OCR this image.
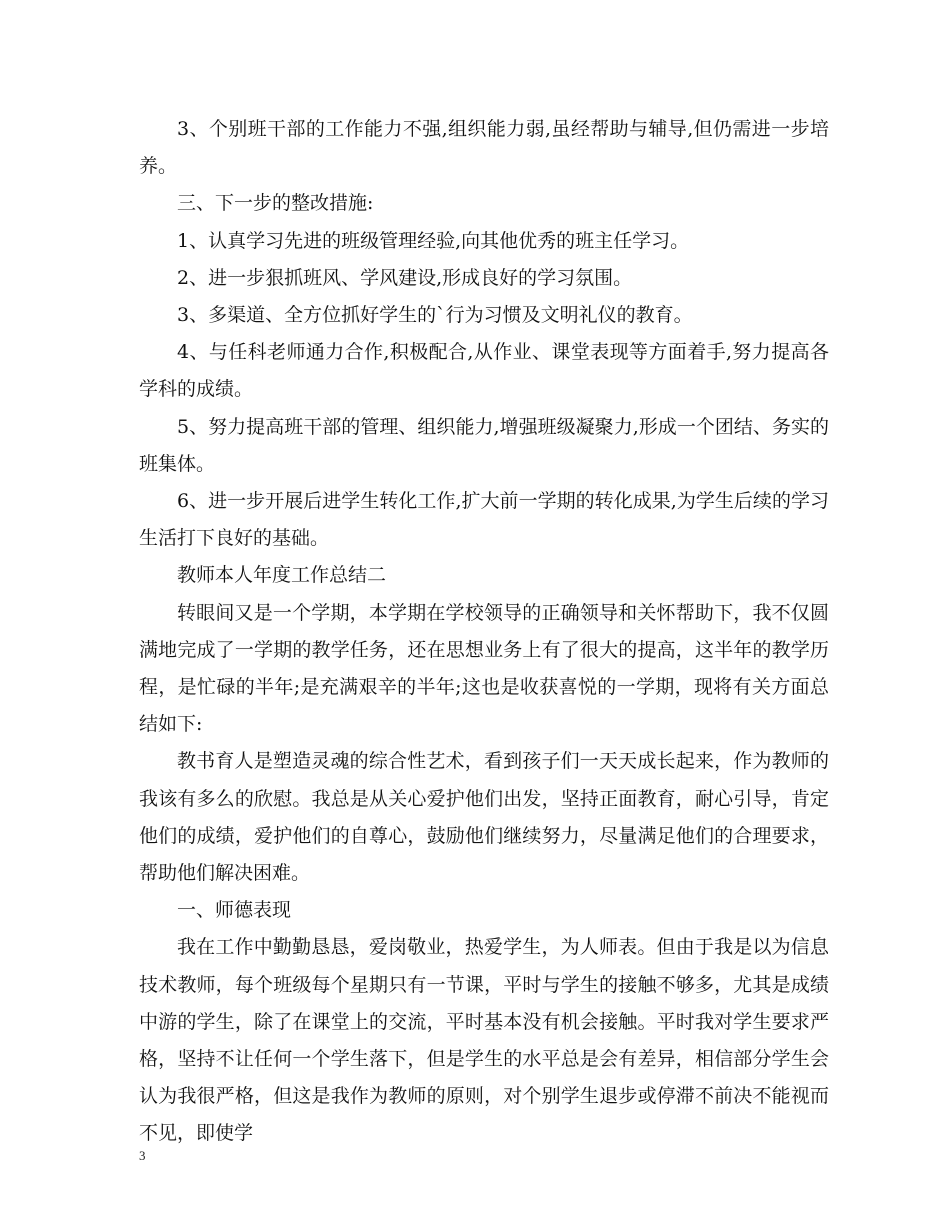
3、个别班干部的工作能力不强,组织能力弱,虽经帮助与辅导,但仍需进一步培养。

三、下一步的整改措施:

1、认真学习先进的班级管理经验,向其他优秀的班主任学习。

2、进一步狠抓班风、学风建设,形成良好的学习氛围。

3、多渠道、全方位抓好学生的`行为习惯及文明礼仪的教育。

4、与任科老师通力合作,积极配合,从作业、课堂表现等方面着手,努力提高各学科的成绩。

5、努力提高班干部的管理、组织能力,增强班级凝聚力,形成一个团结、务实的班集体。

6、进一步开展后进学生转化工作,扩大前一学期的转化成果,为学生后续的学习生活打下良好的基础。

教师本人年度工作总结二

转眼间又是一个学期，本学期在学校领导的正确领导和关怀帮助下，我不仅圆满地完成了一学期的教学任务，还在思想业务上有了很大的提高，这半年的教学历程，是忙碌的半年;是充满艰辛的半年;这也是收获喜悦的一学期，现将有关方面总结如下:

教书育人是塑造灵魂的综合性艺术，看到孩子们一天天成长起来，作为教师的我该有多么的欣慰。我总是从关心爱护他们出发，坚持正面教育，耐心引导，肯定他们的成绩，爱护他们的自尊心，鼓励他们继续努力，尽量满足他们的合理要求，帮助他们解决困难。

一、师德表现

我在工作中勤勤恳恳，爱岗敬业，热爱学生，为人师表。但由于我是以为信息技术教师，每个班级每个星期只有一节课，平时与学生的接触不够多，尤其是成绩中游的学生，除了在课堂上的交流，平时基本没有机会接触。平时我对学生要求严格，坚持不让任何一个学生落下，但是学生的水平总是会有差异，相信部分学生会认为我很严格，但这是我作为教师的原则，对个别学生退步或停滞不前决不能视而不见，即使学

3
